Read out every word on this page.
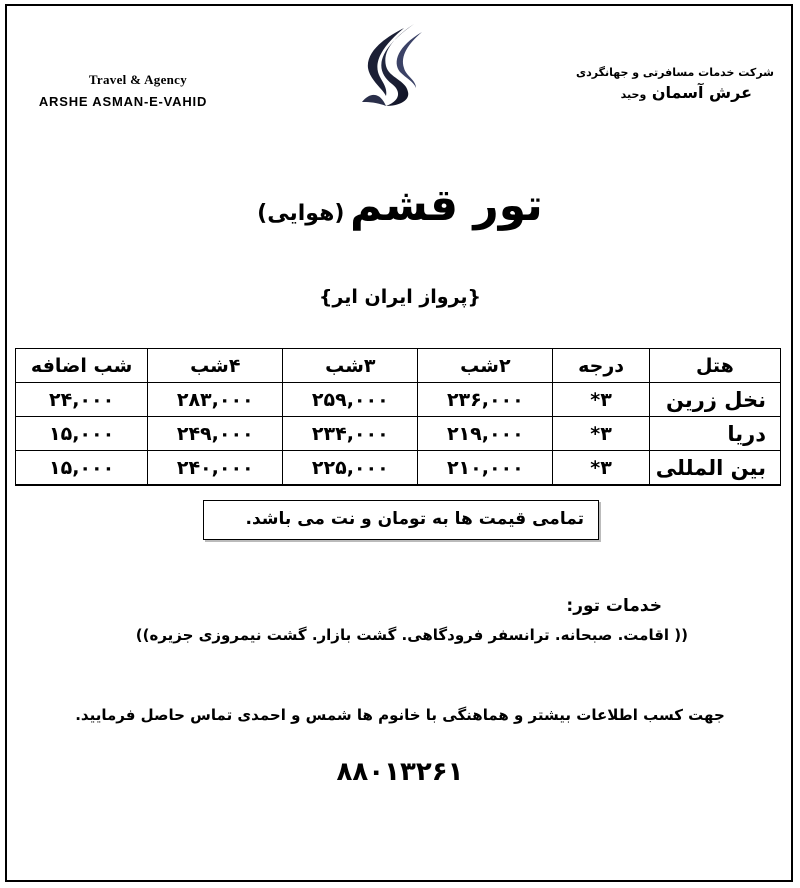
Travel & Agency
ARSHE ASMAN-E-VAHID
شرکت خدمات مسافرتی و جهانگردی
عرش آسمان وحید
تور قشم (هوایی)
{پرواز ایران ایر}
هتل	درجه	۲شب	۳شب	۴شب	شب اضافه
نخل زرین	۳*	۲۳۶,۰۰۰	۲۵۹,۰۰۰	۲۸۳,۰۰۰	۲۴,۰۰۰
دریا	۳*	۲۱۹,۰۰۰	۲۳۴,۰۰۰	۲۴۹,۰۰۰	۱۵,۰۰۰
بین المللی	۳*	۲۱۰,۰۰۰	۲۲۵,۰۰۰	۲۴۰,۰۰۰	۱۵,۰۰۰
تمامی قیمت ها به تومان و نت می باشد.
خدمات تور:
(( اقامت. صبحانه. ترانسفر فرودگاهی. گشت بازار. گشت نیمروزی جزیره))
جهت کسب اطلاعات بیشتر و هماهنگی با خانوم ها شمس و احمدی تماس حاصل فرمایید.
۸۸۰۱۳۲۶۱
